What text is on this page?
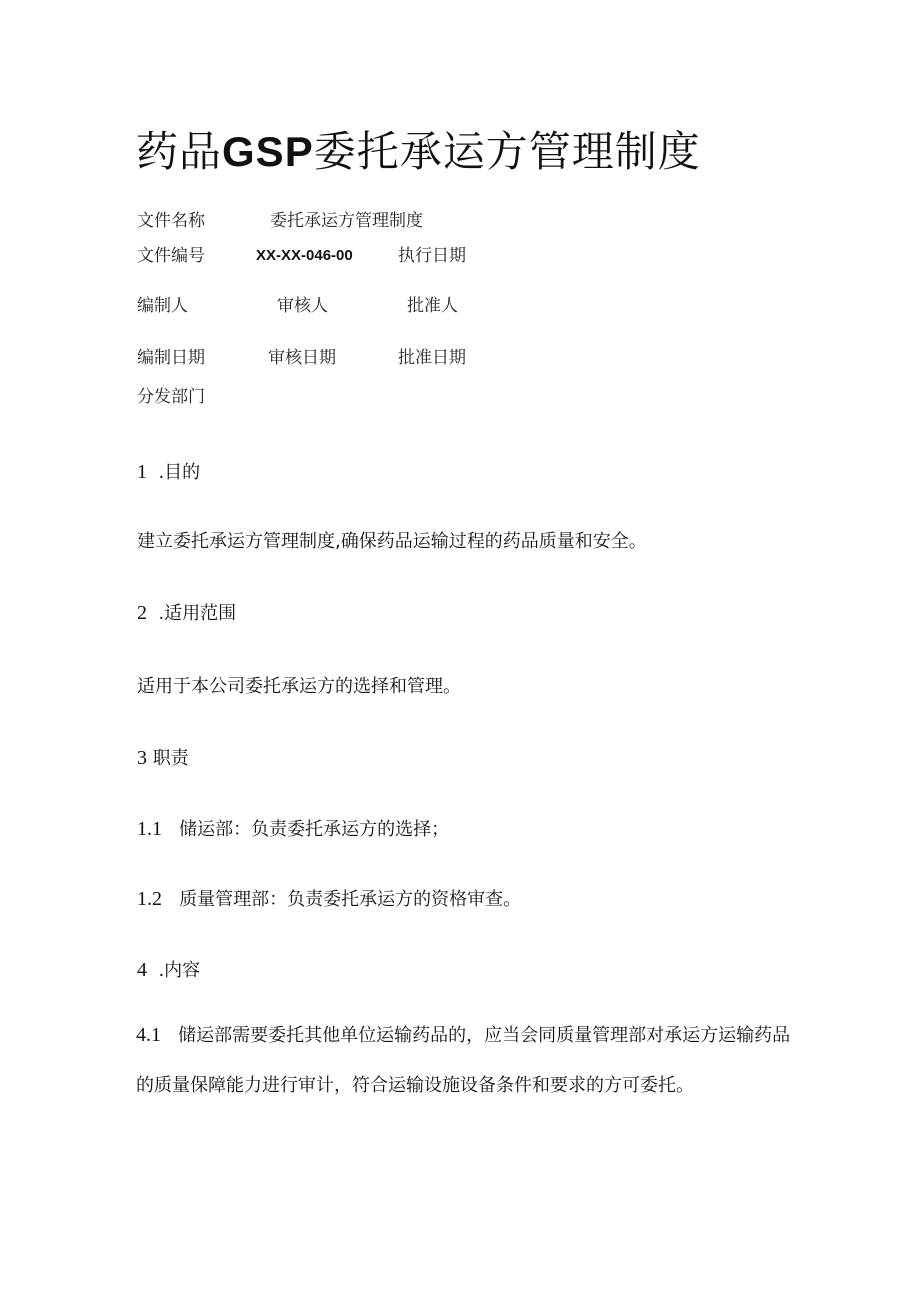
药品GSP委托承运方管理制度
文件名称	委托承运方管理制度
文件编号	XX-XX-046-00	执行日期
编制人	审核人	批准人
编制日期	审核日期	批准日期
分发部门
1 .目的
建立委托承运方管理制度,确保药品运输过程的药品质量和安全。
2 .适用范围
适用于本公司委托承运方的选择和管理。
3 职责
1.1 储运部：负责委托承运方的选择；
1.2 质量管理部：负责委托承运方的资格审查。
4 .内容
4.1 储运部需要委托其他单位运输药品的，应当会同质量管理部对承运方运输药品的质量保障能力进行审计，符合运输设施设备条件和要求的方可委托。
